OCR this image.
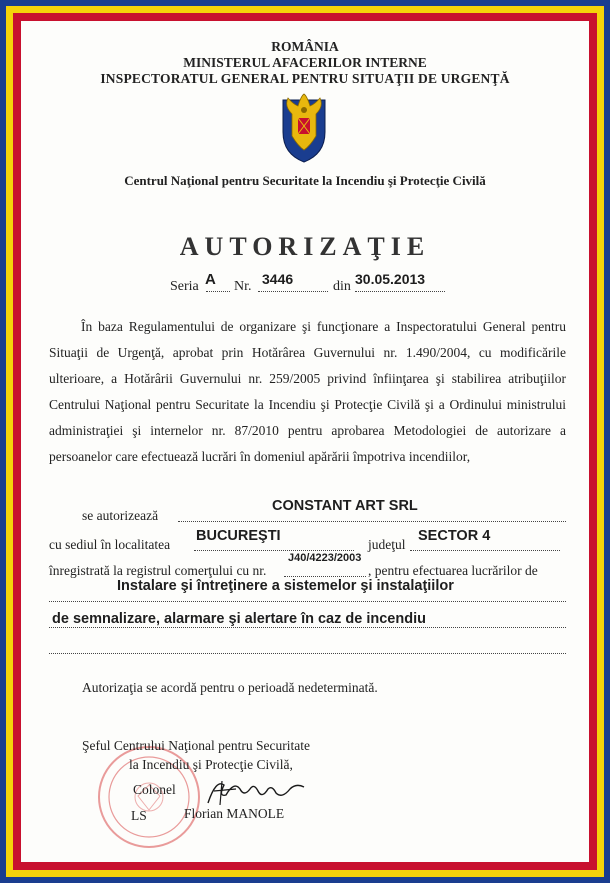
ROMÂNIA
MINISTERUL AFACERILOR INTERNE
INSPECTORATUL GENERAL PENTRU SITUAŢII DE URGENŢĂ
Centrul Naţional pentru Securitate la Incendiu şi Protecţie Civilă
AUTORIZAŢIE
Seria A Nr. 3446	din 30.05.2013
În baza Regulamentului de organizare şi funcţionare a Inspectoratului General pentru Situaţii de Urgenţă, aprobat prin Hotărârea Guvernului nr. 1.490/2004, cu modificările ulterioare, a Hotărârii Guvernului nr. 259/2005 privind înfiinţarea şi stabilirea atribuţiilor Centrului Naţional pentru Securitate la Incendiu şi Protecţie Civilă şi a Ordinului ministrului administraţiei şi internelor nr. 87/2010 pentru aprobarea Metodologiei de autorizare a persoanelor care efectuează lucrări în domeniul apărării împotriva incendiilor,
se autorizează
CONSTANT ART SRL
cu sediul în localitatea
BUCUREŞTI
judeţul
SECTOR 4
înregistrată la registrul comerţului cu nr.
J40/4223/2003
, pentru efectuarea lucrărilor de
Instalare şi întreţinere a sistemelor şi instalaţiilor
de semnalizare, alarmare şi alertare în caz de incendiu
Autorizaţia se acordă pentru o perioadă nedeterminată.
Şeful Centrului Naţional pentru Securitate
la Incendiu şi Protecţie Civilă,
Colonel
LS	Florian MANOLE
